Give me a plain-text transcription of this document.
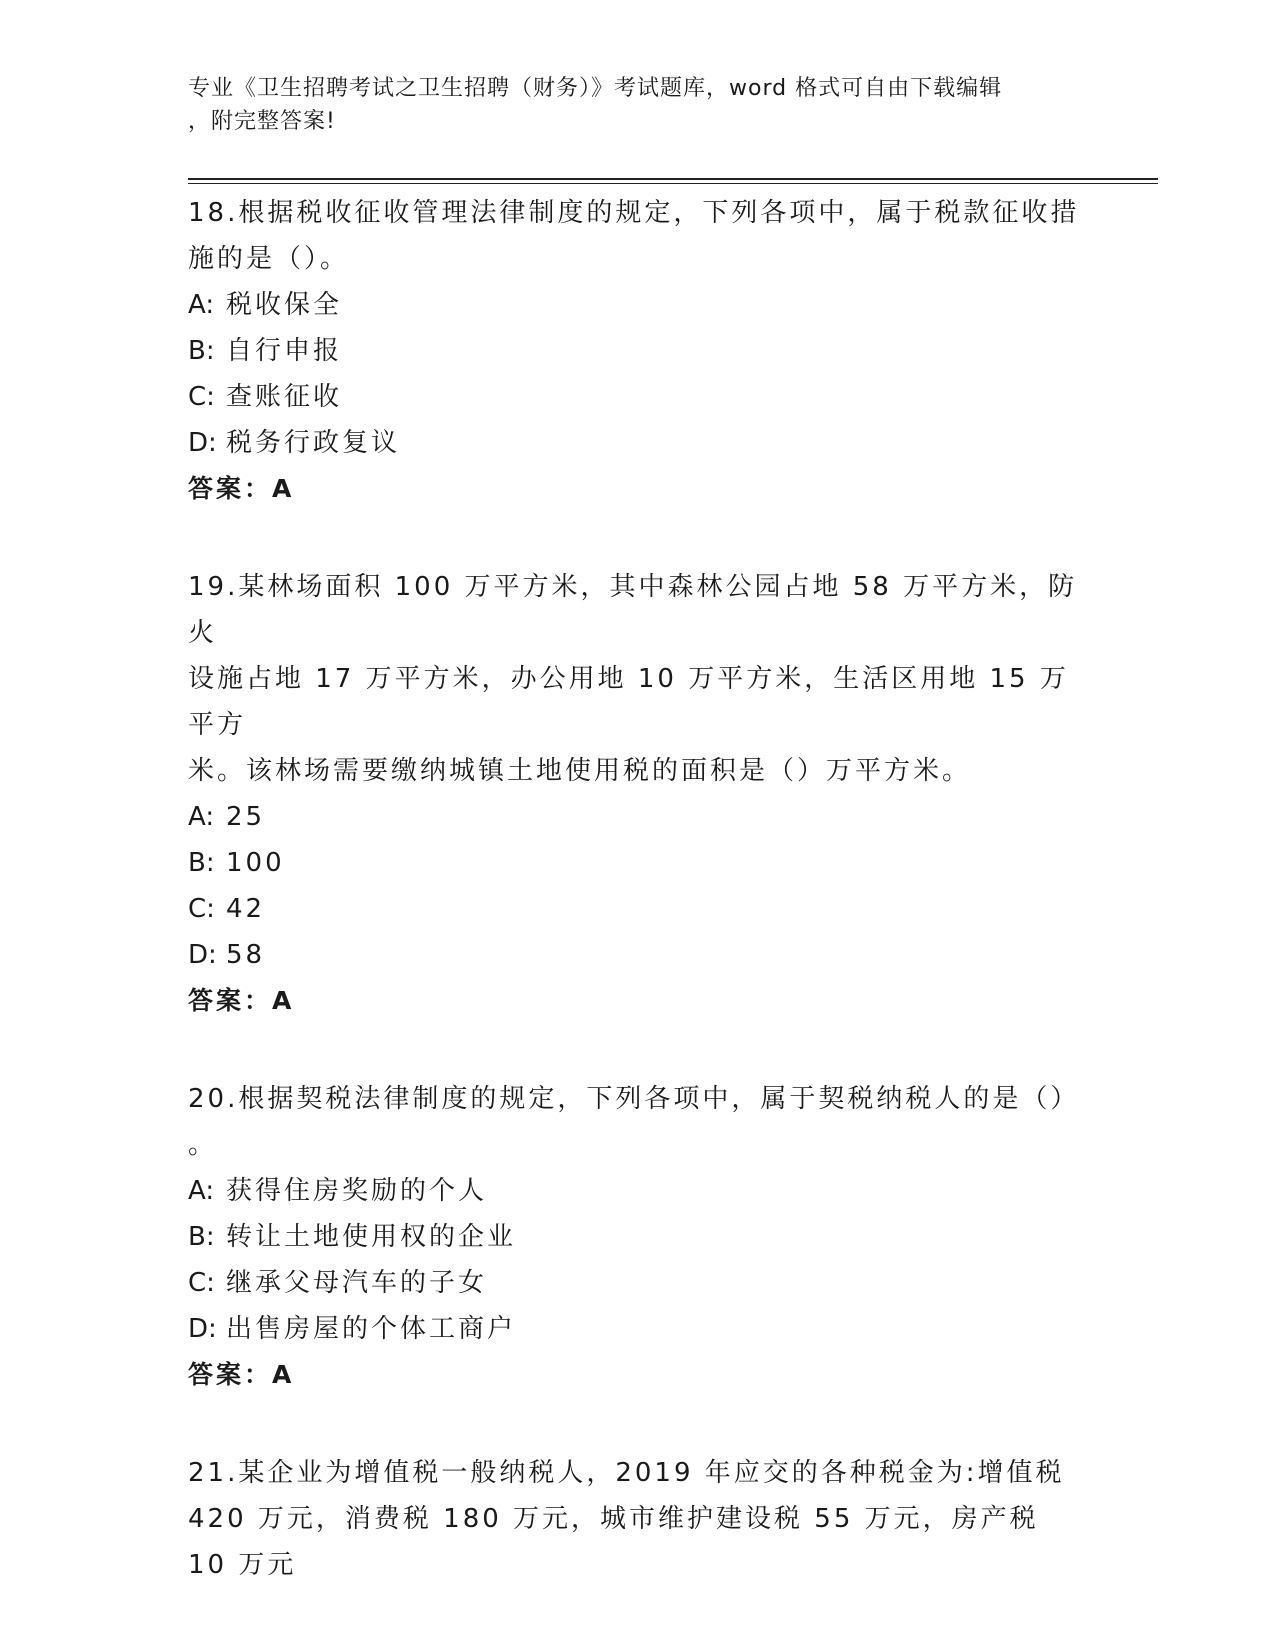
专业《卫生招聘考试之卫生招聘（财务）》考试题库，word 格式可自由下载编辑
，附完整答案!
18.根据税收征收管理法律制度的规定，下列各项中，属于税款征收措
施的是（）。
A: 税收保全
B: 自行申报
C: 查账征收
D: 税务行政复议
答案：A
19.某林场面积 100 万平方米，其中森林公园占地 58 万平方米，防火
设施占地 17 万平方米，办公用地 10 万平方米，生活区用地 15 万平方
米。该林场需要缴纳城镇土地使用税的面积是（）万平方米。
A: 25
B: 100
C: 42
D: 58
答案：A
20.根据契税法律制度的规定，下列各项中，属于契税纳税人的是（）
。
A: 获得住房奖励的个人
B: 转让土地使用权的企业
C: 继承父母汽车的子女
D: 出售房屋的个体工商户
答案：A
21.某企业为增值税一般纳税人，2019 年应交的各种税金为:增值税
420 万元，消费税 180 万元，城市维护建设税 55 万元，房产税 10 万元
